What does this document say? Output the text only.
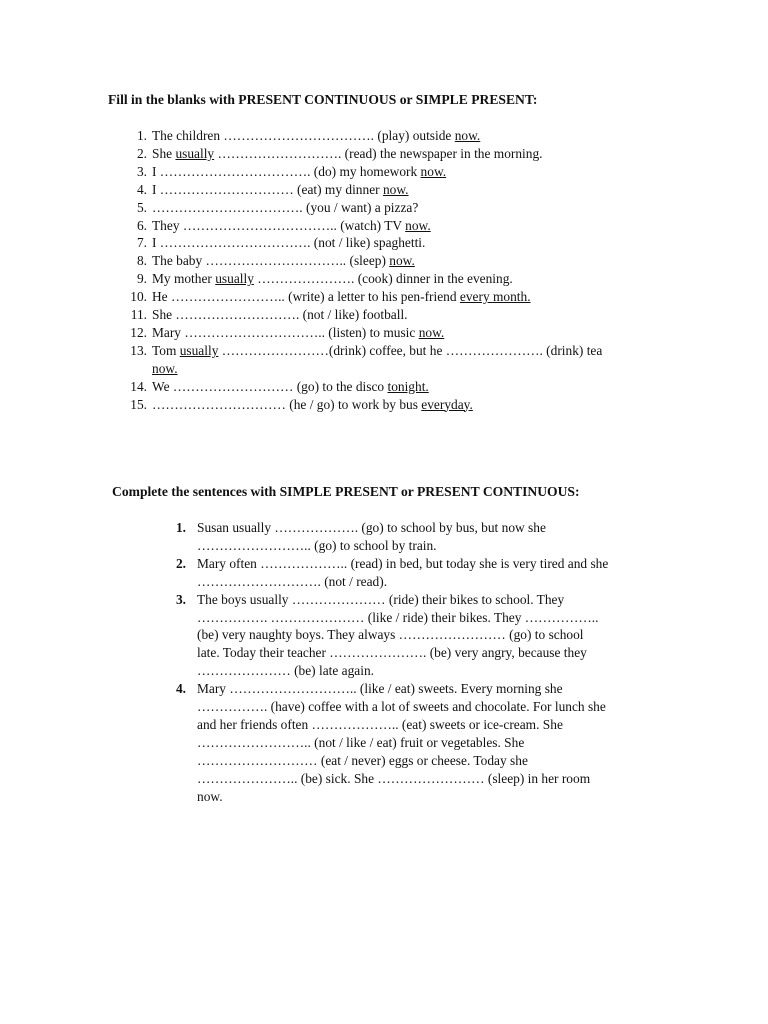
Fill in the blanks with PRESENT CONTINUOUS or SIMPLE PRESENT:
1. The children ……………………………. (play) outside now.
2. She usually ………………………. (read) the newspaper in the morning.
3. I ……………………………. (do) my homework now.
4. I ………………………… (eat) my dinner now.
5. ……………………………. (you / want) a pizza?
6. They …………………………….. (watch) TV now.
7. I ……………………………. (not / like) spaghetti.
8. The baby ………………………….. (sleep) now.
9. My mother usually …………………. (cook) dinner in the evening.
10. He …………………….. (write) a letter to his pen-friend every month.
11. She ………………………. (not / like) football.
12. Mary ………………………….. (listen) to music now.
13. Tom usually ……………………(drink) coffee, but he …………………. (drink) tea
now.
14. We ……………………… (go) to the disco tonight.
15. ………………………… (he / go) to work by bus everyday.
Complete the sentences with SIMPLE PRESENT or PRESENT CONTINUOUS:
1. Susan usually ………………. (go) to school by bus, but now she
…………………….. (go) to school by train.
2. Mary often ……………….. (read) in bed, but today she is very tired and she
………………………. (not / read).
3. The boys usually ………………… (ride) their bikes to school. They
……………. ………………… (like / ride) their bikes. They ……………..
(be) very naughty boys. They always …………………… (go) to school
late. Today their teacher …………………. (be) very angry, because they
………………… (be) late again.
4. Mary ……………………….. (like / eat) sweets. Every morning she
……………. (have) coffee with a lot of sweets and chocolate. For lunch she
and her friends often ……………….. (eat) sweets or ice-cream. She
…………………….. (not / like / eat) fruit or vegetables. She
……………………… (eat / never) eggs or cheese. Today she
………………….. (be) sick. She …………………… (sleep) in her room
now.
